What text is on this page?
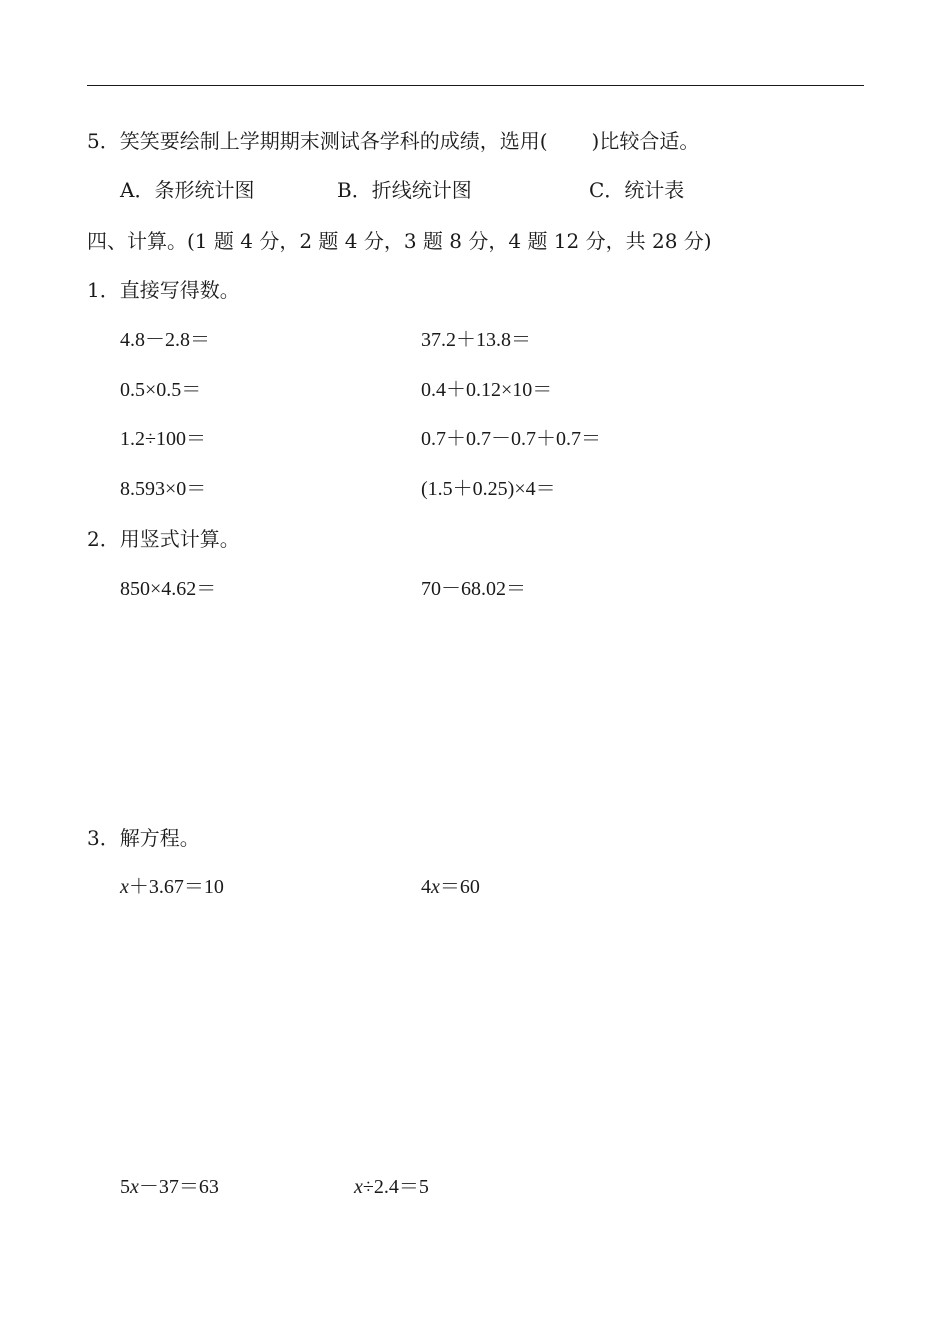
5．笑笑要绘制上学期期末测试各学科的成绩，选用( )比较合适。
A．条形统计图	B．折线统计图	C．统计表
四、计算。(1 题 4 分，2 题 4 分，3 题 8 分，4 题 12 分，共 28 分)
1．直接写得数。
4.8－2.8＝	37.2＋13.8＝
0.5×0.5＝	0.4＋0.12×10＝
1.2÷100＝	0.7＋0.7－0.7＋0.7＝
8.593×0＝	(1.5＋0.25)×4＝
2．用竖式计算。
850×4.62＝	70－68.02＝
3．解方程。
x＋3.67＝10	4x＝60
5x－37＝63	x÷2.4＝5
